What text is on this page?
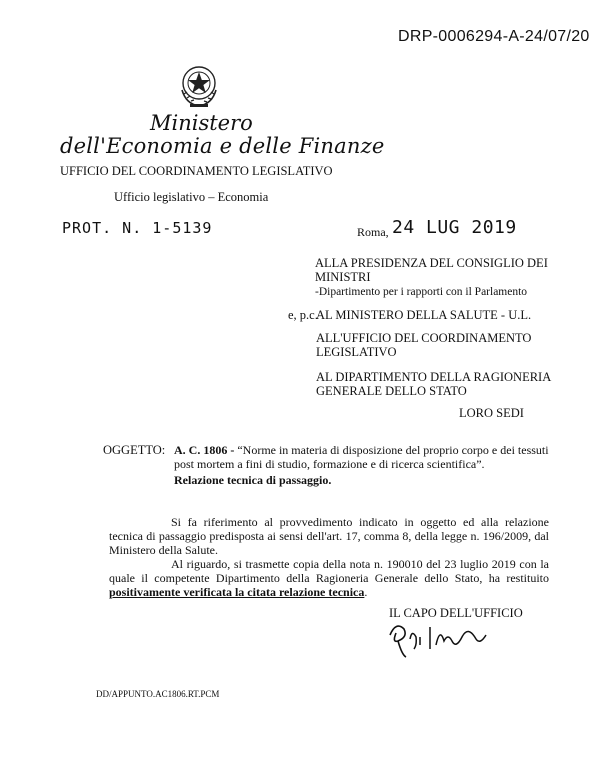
DRP-0006294-A-24/07/20
Ministero
dell'Economia e delle Finanze
UFFICIO DEL COORDINAMENTO LEGISLATIVO
Ufficio legislativo – Economia
PROT. N. 1-5139	Roma, 24 LUG 2019
ALLA PRESIDENZA DEL CONSIGLIO DEI
MINISTRI
-Dipartimento per i rapporti con il Parlamento
e, p.c.
AL MINISTERO DELLA SALUTE - U.L.
ALL'UFFICIO DEL COORDINAMENTO
LEGISLATIVO
AL DIPARTIMENTO DELLA RAGIONERIA
GENERALE DELLO STATO
LORO SEDI
OGGETTO: A. C. 1806 - “Norme in materia di disposizione del proprio corpo e dei tessuti
post mortem a fini di studio, formazione e di ricerca scientifica”.
Relazione tecnica di passaggio.
Si fa riferimento al provvedimento indicato in oggetto ed alla relazione tecnica di passaggio predisposta ai sensi dell'art. 17, comma 8, della legge n. 196/2009, dal Ministero della Salute.
Al riguardo, si trasmette copia della nota n. 190010 del 23 luglio 2019 con la quale il competente Dipartimento della Ragioneria Generale dello Stato, ha restituito positivamente verificata la citata relazione tecnica.
IL CAPO DELL'UFFICIO
DD/APPUNTO.AC1806.RT.PCM
